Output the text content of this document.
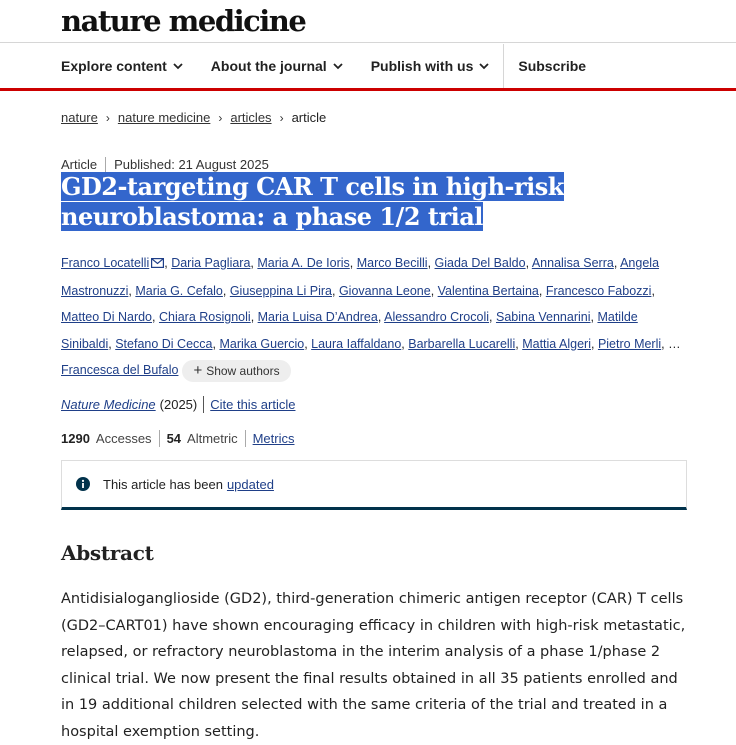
nature medicine
Explore content	About the journal	Publish with us	Subscribe
nature › nature medicine › articles › article
Article Published: 21 August 2025
GD2-targeting CAR T cells in high-risk neuroblastoma: a phase 1/2 trial
Franco Locatelli , Daria Pagliara, Maria A. De Ioris, Marco Becilli, Giada Del Baldo, Annalisa Serra, Angela Mastronuzzi, Maria G. Cefalo, Giuseppina Li Pira, Giovanna Leone, Valentina Bertaina, Francesco Fabozzi, Matteo Di Nardo, Chiara Rosignoli, Maria Luisa D’Andrea, Alessandro Crocoli, Sabina Vennarini, Matilde Sinibaldi, Stefano Di Cecca, Marika Guercio, Laura Iaffaldano, Barbarella Lucarelli, Mattia Algeri, Pietro Merli, … Francesca del Bufalo + Show authors
Nature Medicine (2025) Cite this article
1290 Accesses 54 Altmetric Metrics
This article has been updated
Abstract

Antidisialoganglioside (GD2), third-generation chimeric antigen receptor (CAR) T cells (GD2–CART01) have shown encouraging efficacy in children with high-risk metastatic, relapsed, or refractory neuroblastoma in the interim analysis of a phase 1/phase 2 clinical trial. We now present the final results obtained in all 35 patients enrolled and in 19 additional children selected with the same criteria of the trial and treated in a hospital exemption setting.
